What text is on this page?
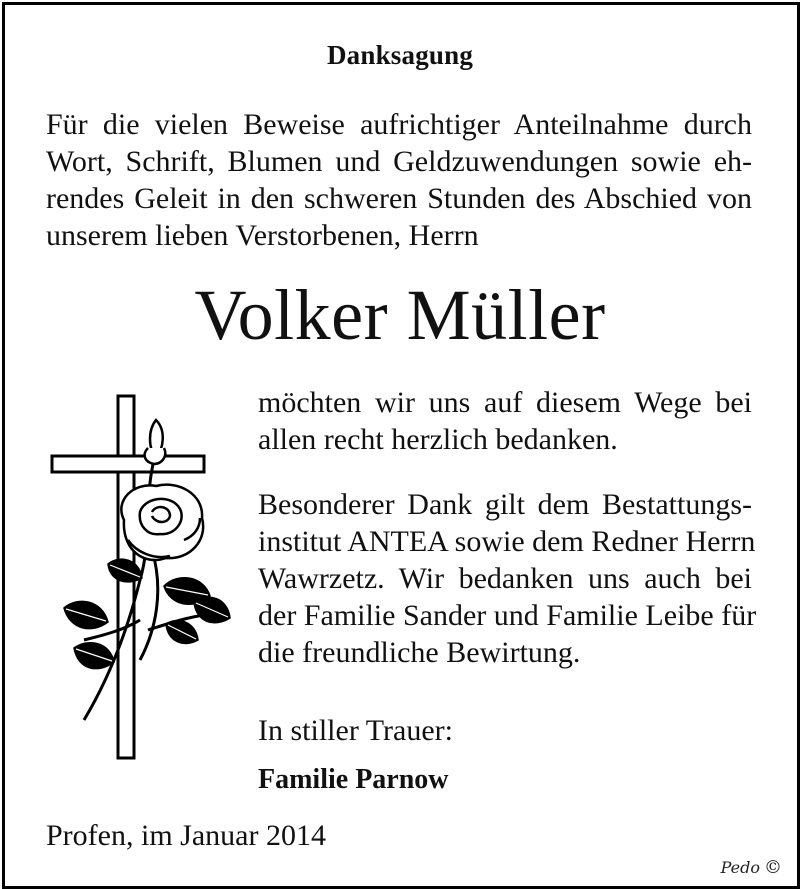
Danksagung
Für die vielen Beweise aufrichtiger Anteilnahme durch
Wort, Schrift, Blumen und Geldzuwendungen sowie eh-
rendes Geleit in den schweren Stunden des Abschied von
unserem lieben Verstorbenen, Herrn
Volker Müller
möchten wir uns auf diesem Wege bei
allen recht herzlich bedanken.
Besonderer Dank gilt dem Bestattungs-
institut ANTEA sowie dem Redner Herrn
Wawrzetz. Wir bedanken uns auch bei
der Familie Sander und Familie Leibe für
die freundliche Bewirtung.
In stiller Trauer:
Familie Parnow
Profen, im Januar 2014
Pedo ©
